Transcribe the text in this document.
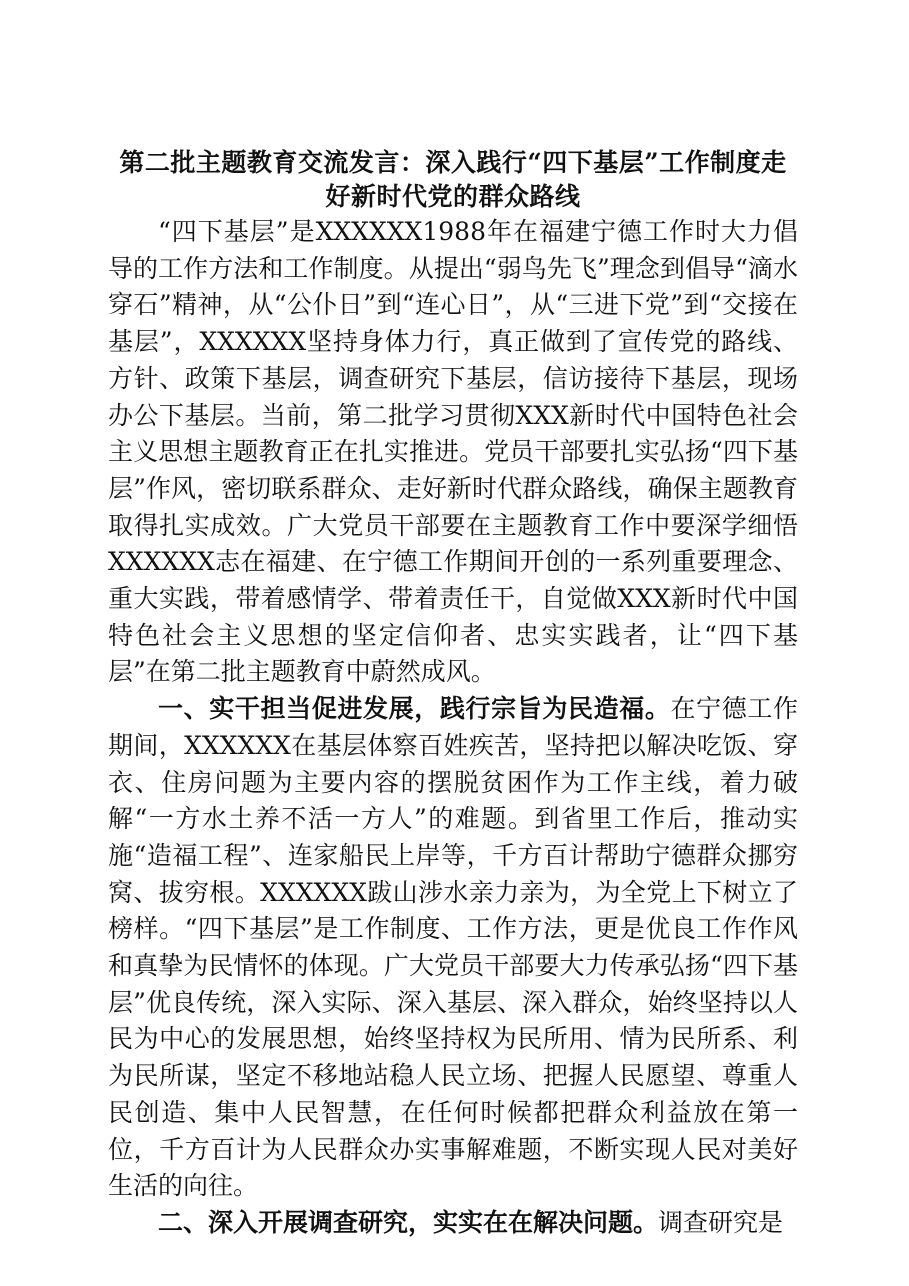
第二批主题教育交流发言：深入践行“四下基层”工作制度走好新时代党的群众路线

“四下基层”是XXXXXX1988年在福建宁德工作时大力倡导的工作方法和工作制度。从提出“弱鸟先飞”理念到倡导“滴水穿石”精神，从“公仆日”到“连心日”，从“三进下党”到“交接在基层”，XXXXXX坚持身体力行，真正做到了宣传党的路线、方针、政策下基层，调查研究下基层，信访接待下基层，现场办公下基层。当前，第二批学习贯彻XXX新时代中国特色社会主义思想主题教育正在扎实推进。党员干部要扎实弘扬“四下基层”作风，密切联系群众、走好新时代群众路线，确保主题教育取得扎实成效。广大党员干部要在主题教育工作中要深学细悟XXXXXX志在福建、在宁德工作期间开创的一系列重要理念、重大实践，带着感情学、带着责任干，自觉做XXX新时代中国特色社会主义思想的坚定信仰者、忠实实践者，让“四下基层”在第二批主题教育中蔚然成风。

一、实干担当促进发展，践行宗旨为民造福。在宁德工作期间，XXXXXX在基层体察百姓疾苦，坚持把以解决吃饭、穿衣、住房问题为主要内容的摆脱贫困作为工作主线，着力破解“一方水土养不活一方人”的难题。到省里工作后，推动实施“造福工程”、连家船民上岸等，千方百计帮助宁德群众挪穷窝、拔穷根。XXXXXX跋山涉水亲力亲为，为全党上下树立了榜样。“四下基层”是工作制度、工作方法，更是优良工作作风和真挚为民情怀的体现。广大党员干部要大力传承弘扬“四下基层”优良传统，深入实际、深入基层、深入群众，始终坚持以人民为中心的发展思想，始终坚持权为民所用、情为民所系、利为民所谋，坚定不移地站稳人民立场、把握人民愿望、尊重人民创造、集中人民智慧，在任何时候都把群众利益放在第一位，千方百计为人民群众办实事解难题，不断实现人民对美好生活的向往。

二、深入开展调查研究，实实在在解决问题。调查研究是
